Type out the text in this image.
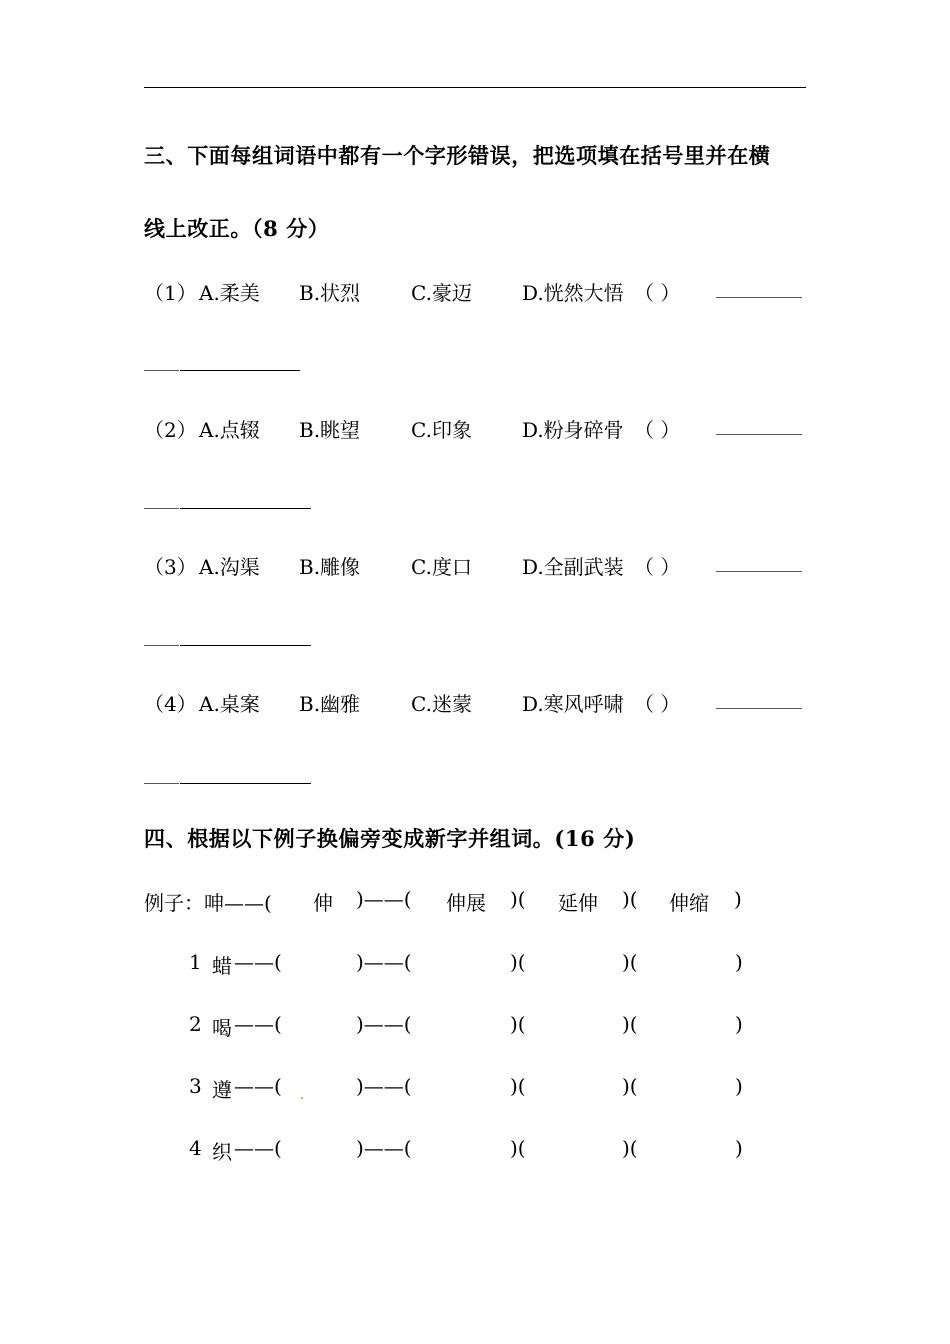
三、下面每组词语中都有一个字形错误，把选项填在括号里并在横
线上改正。（8 分）
（1） A.柔美 B.状烈	C.豪迈	D.恍然大悟 （ ）
（2） A.点辍 B.眺望	C.印象	D.粉身碎骨 （ ）
（3） A.沟渠 B.雕像	C.度口	D.全副武装 （ ）
（4） A.桌案 B.幽雅	C.迷蒙	D.寒风呼啸 （ ）
四、根据以下例子换偏旁变成新字并组词。(16 分)
例子：呻——( 伸 )——( 伸展 )( 延伸 )( 伸缩 )
1 蜡 ——(	)——(	)(	)(	)
2 喝 ——(	)——(	)(	)(	)
3 遵 ——(	)——(	)(	)(	)
4 织 ——(	)——(	)(	)(	)
